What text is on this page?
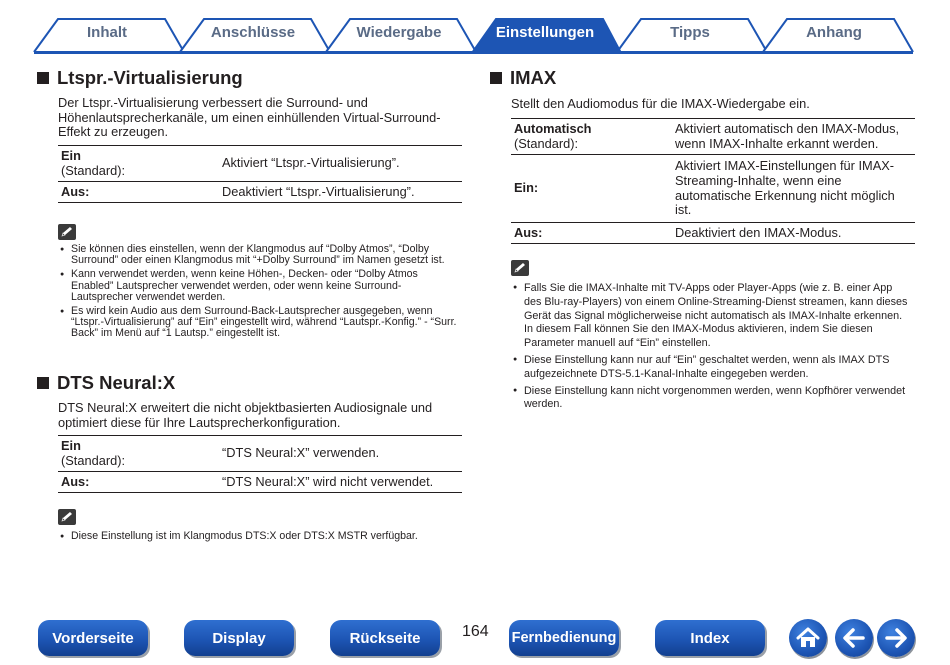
Inhalt	Anschlüsse	Wiedergabe	Einstellungen	Tipps	Anhang
Ltspr.-Virtualisierung
Der Ltspr.-Virtualisierung verbessert die Surround- und Höhenlautsprecherkanäle, um einen einhüllenden Virtual-Surround-Effekt zu erzeugen.
Ein
(Standard):	Aktiviert “Ltspr.-Virtualisierung”.
Aus:	Deaktiviert “Ltspr.-Virtualisierung”.
● Sie können dies einstellen, wenn der Klangmodus auf “Dolby Atmos”, “Dolby Surround” oder einen Klangmodus mit “+Dolby Surround” im Namen gesetzt ist.
● Kann verwendet werden, wenn keine Höhen-, Decken- oder “Dolby Atmos Enabled” Lautsprecher verwendet werden, oder wenn keine Surround-Lautsprecher verwendet werden.
● Es wird kein Audio aus dem Surround-Back-Lautsprecher ausgegeben, wenn “Ltspr.-Virtualisierung” auf “Ein” eingestellt wird, während “Lautspr.-Konfig.” - “Surr. Back” im Menü auf “1 Lautsp.” eingestellt ist.
DTS Neural:X
DTS Neural:X erweitert die nicht objektbasierten Audiosignale und optimiert diese für Ihre Lautsprecherkonfiguration.
Ein
(Standard):	“DTS Neural:X” verwenden.
Aus:	“DTS Neural:X” wird nicht verwendet.
● Diese Einstellung ist im Klangmodus DTS:X oder DTS:X MSTR verfügbar.
IMAX
Stellt den Audiomodus für die IMAX-Wiedergabe ein.
Automatisch
(Standard):	Aktiviert automatisch den IMAX-Modus, wenn IMAX-Inhalte erkannt werden.
Ein:	Aktiviert IMAX-Einstellungen für IMAX-Streaming-Inhalte, wenn eine automatische Erkennung nicht möglich ist.
Aus:	Deaktiviert den IMAX-Modus.
● Falls Sie die IMAX-Inhalte mit TV-Apps oder Player-Apps (wie z. B. einer App des Blu-ray-Players) von einem Online-Streaming-Dienst streamen, kann dieses Gerät das Signal möglicherweise nicht automatisch als IMAX-Inhalte erkennen. In diesem Fall können Sie den IMAX-Modus aktivieren, indem Sie diesen Parameter manuell auf “Ein” einstellen.
● Diese Einstellung kann nur auf “Ein” geschaltet werden, wenn als IMAX DTS aufgezeichnete DTS-5.1-Kanal-Inhalte eingegeben werden.
● Diese Einstellung kann nicht vorgenommen werden, wenn Kopfhörer verwendet werden.
Vorderseite	Display	Rückseite	164 Fernbedienung	Index
